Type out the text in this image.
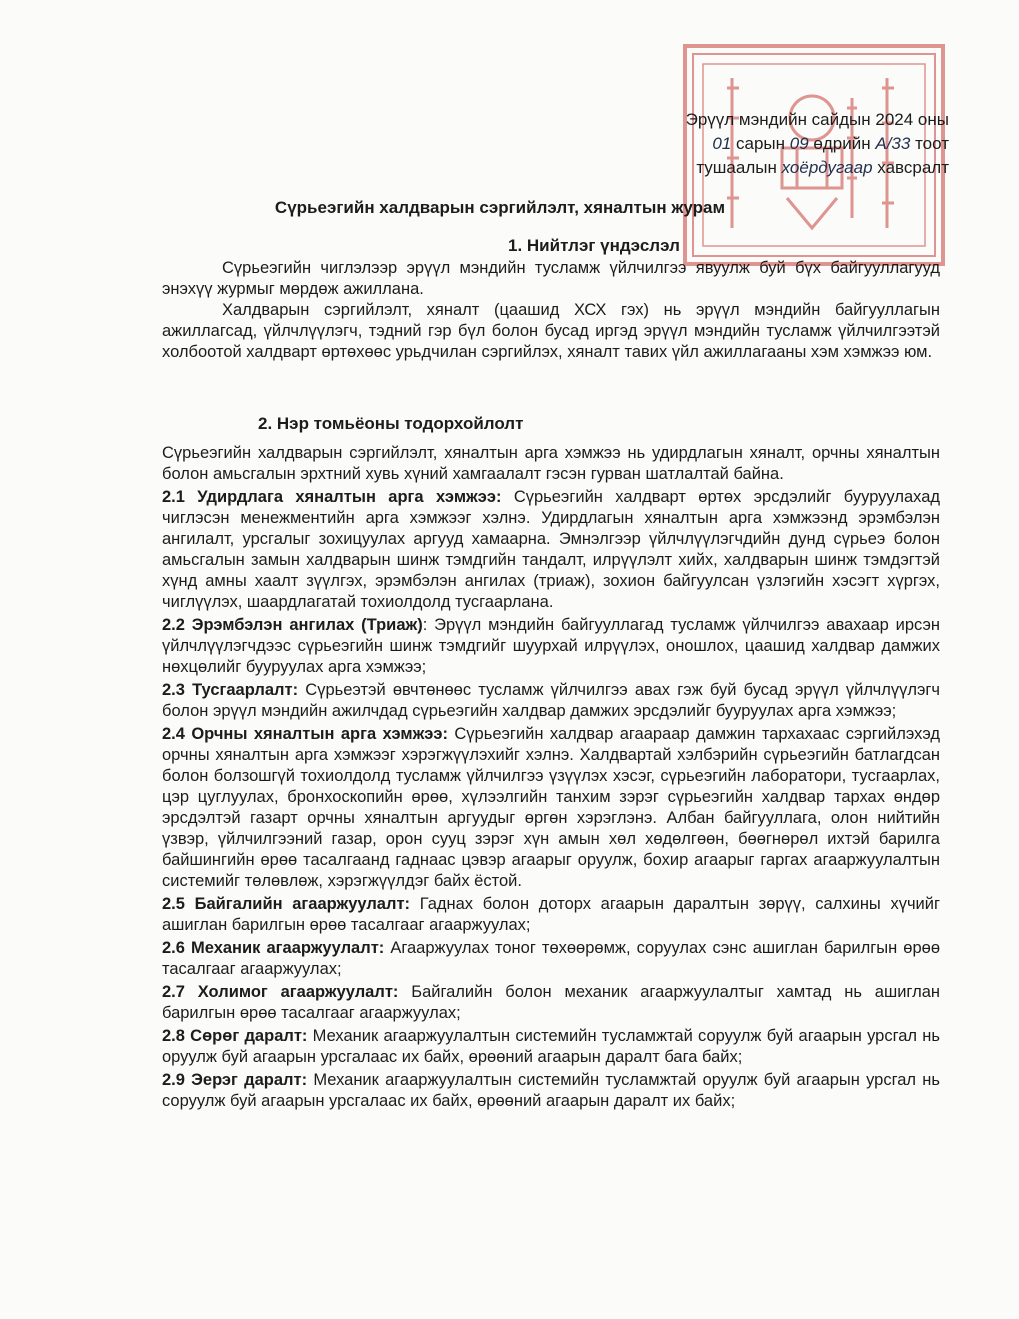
Эрүүл мэндийн сайдын 2024 оны
01 сарын 09 өдрийн А/33 тоот
тушаалын хоёрдугаар хавсралт
Сүрьеэгийн халдварын сэргийлэлт, хяналтын журам
1. Нийтлэг үндэслэл

Сүрьеэгийн чиглэлээр эрүүл мэндийн тусламж үйлчилгээ явуулж буй бүх байгууллагууд энэхүү журмыг мөрдөж ажиллана.

Халдварын сэргийлэлт, хяналт (цаашид ХСХ гэх) нь эрүүл мэндийн байгууллагын ажиллагсад, үйлчлүүлэгч, тэдний гэр бүл болон бусад иргэд эрүүл мэндийн тусламж үйлчилгээтэй холбоотой халдварт өртөхөөс урьдчилан сэргийлэх, хяналт тавих үйл ажиллагааны хэм хэмжээ юм.

2. Нэр томьёоны тодорхойлолт

Сүрьеэгийн халдварын сэргийлэлт, хяналтын арга хэмжээ нь удирдлагын хяналт, орчны хяналтын болон амьсгалын эрхтний хувь хүний хамгаалалт гэсэн гурван шатлалтай байна.

2.1 Удирдлага хяналтын арга хэмжээ: Сүрьеэгийн халдварт өртөх эрсдэлийг бууруулахад чиглэсэн менежментийн арга хэмжээг хэлнэ. Удирдлагын хяналтын арга хэмжээнд эрэмбэлэн ангилалт, урсгалыг зохицуулах аргууд хамаарна. Эмнэлгээр үйлчлүүлэгчдийн дунд сүрьеэ болон амьсгалын замын халдварын шинж тэмдгийн тандалт, илрүүлэлт хийх, халдварын шинж тэмдэгтэй хүнд амны хаалт зүүлгэх, эрэмбэлэн ангилах (триаж), зохион байгуулсан үзлэгийн хэсэгт хүргэх, чиглүүлэх, шаардлагатай тохиолдолд тусгаарлана.

2.2 Эрэмбэлэн ангилах (Триаж): Эрүүл мэндийн байгууллагад тусламж үйлчилгээ авахаар ирсэн үйлчлүүлэгчдээс сүрьеэгийн шинж тэмдгийг шуурхай илрүүлэх, оношлох, цаашид халдвар дамжих нөхцөлийг бууруулах арга хэмжээ;

2.3 Тусгаарлалт: Сүрьеэтэй өвчтөнөөс тусламж үйлчилгээ авах гэж буй бусад эрүүл үйлчлүүлэгч болон эрүүл мэндийн ажилчдад сүрьеэгийн халдвар дамжих эрсдэлийг бууруулах арга хэмжээ;

2.4 Орчны хяналтын арга хэмжээ: Сүрьеэгийн халдвар агаараар дамжин тархахаас сэргийлэхэд орчны хяналтын арга хэмжээг хэрэгжүүлэхийг хэлнэ. Халдвартай хэлбэрийн сүрьеэгийн батлагдсан болон болзошгүй тохиолдолд тусламж үйлчилгээ үзүүлэх хэсэг, сүрьеэгийн лаборатори, тусгаарлах, цэр цуглуулах, бронхоскопийн өрөө, хүлээлгийн танхим зэрэг сүрьеэгийн халдвар тархах өндөр эрсдэлтэй газарт орчны хяналтын аргуудыг өргөн хэрэглэнэ. Албан байгууллага, олон нийтийн үзвэр, үйлчилгээний газар, орон сууц зэрэг хүн амын хөл хөдөлгөөн, бөөгнөрөл ихтэй барилга байшингийн өрөө тасалгаанд гаднаас цэвэр агаарыг оруулж, бохир агаарыг гаргах агааржуулалтын системийг төлөвлөж, хэрэгжүүлдэг байх ёстой.

2.5 Байгалийн агааржуулалт: Гаднах болон доторх агаарын даралтын зөрүү, салхины хүчийг ашиглан барилгын өрөө тасалгааг агааржуулах;

2.6 Механик агааржуулалт: Агааржуулах тоног төхөөрөмж, соруулах сэнс ашиглан барилгын өрөө тасалгааг агааржуулах;

2.7 Холимог агааржуулалт: Байгалийн болон механик агааржуулалтыг хамтад нь ашиглан барилгын өрөө тасалгааг агааржуулах;

2.8 Сөрөг даралт: Механик агааржуулалтын системийн тусламжтай соруулж буй агаарын урсгал нь оруулж буй агаарын урсгалаас их байх, өрөөний агаарын даралт бага байх;

2.9 Эерэг даралт: Механик агааржуулалтын системийн тусламжтай оруулж буй агаарын урсгал нь соруулж буй агаарын урсгалаас их байх, өрөөний агаарын даралт их байх;
